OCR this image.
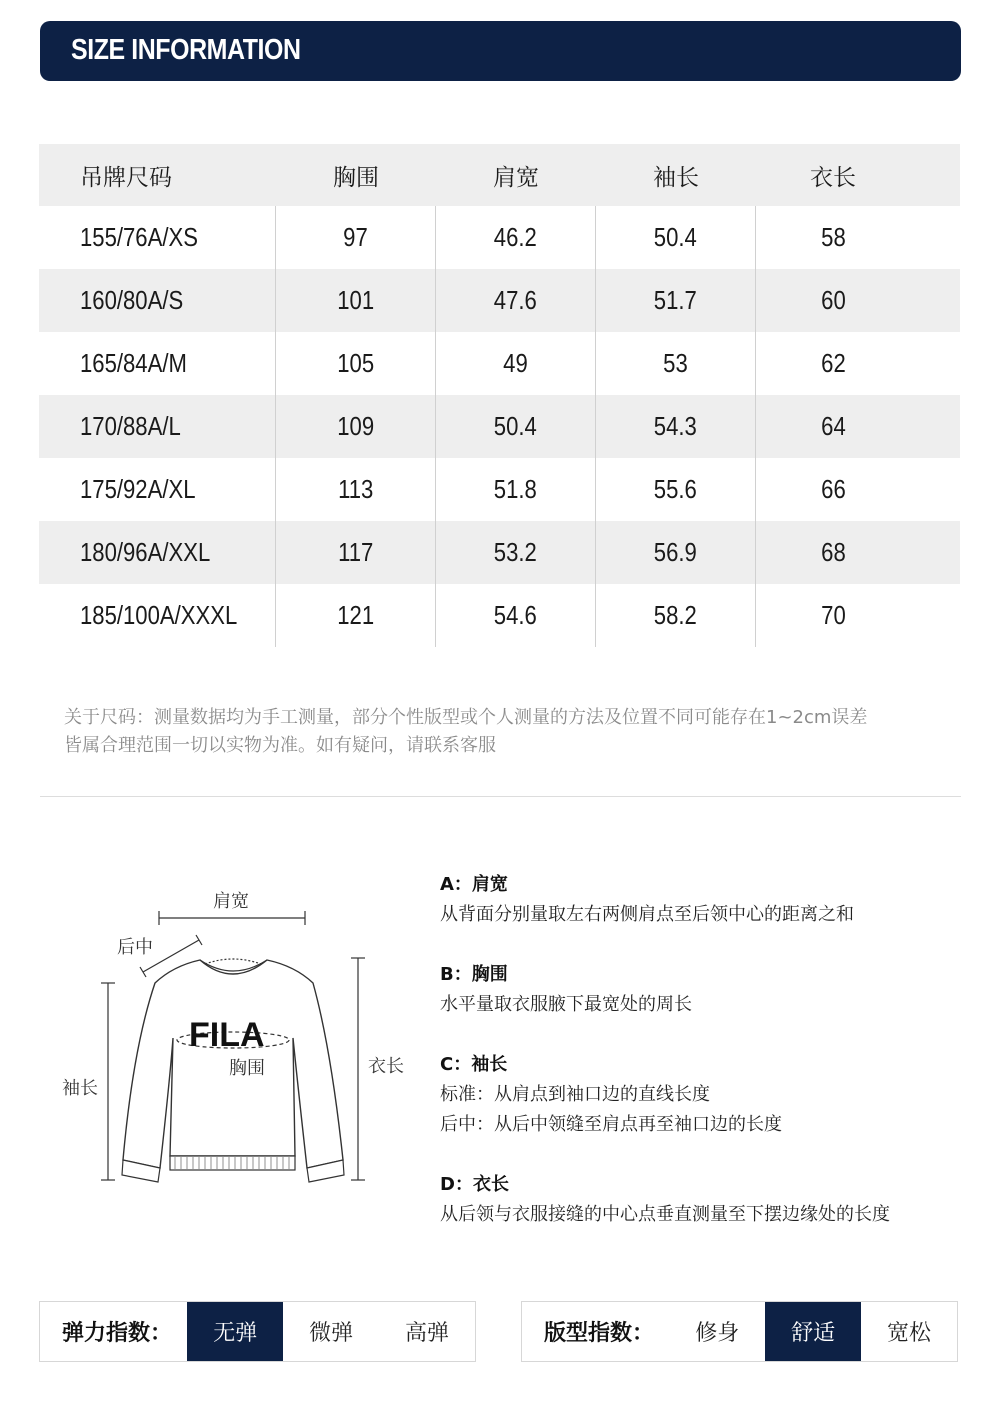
SIZE INFORMATION
吊牌尺码	胸围	肩宽	袖长	衣长
155/76A/XS	97	46.2	50.4	58
160/80A/S	101	47.6	51.7	60
165/84A/M	105	49	53	62
170/88A/L	109	50.4	54.3	64
175/92A/XL	113	51.8	55.6	66
180/96A/XXL	117	53.2	56.9	68
185/100A/XXXL	121	54.6	58.2	70
关于尺码：测量数据均为手工测量，部分个性版型或个人测量的方法及位置不同可能存在1~2cm误差
皆属合理范围一切以实物为准。如有疑问，请联系客服
FILA
肩宽
后中
袖长
胸围	衣长
A：肩宽
从背面分别量取左右两侧肩点至后领中心的距离之和
B：胸围
水平量取衣服腋下最宽处的周长
C：袖长
标准：从肩点到袖口边的直线长度
后中：从后中领缝至肩点再至袖口边的长度
D：衣长
从后领与衣服接缝的中心点垂直测量至下摆边缘处的长度
弹力指数：	无弹	微弹	高弹	版型指数：	修身	舒适	宽松
